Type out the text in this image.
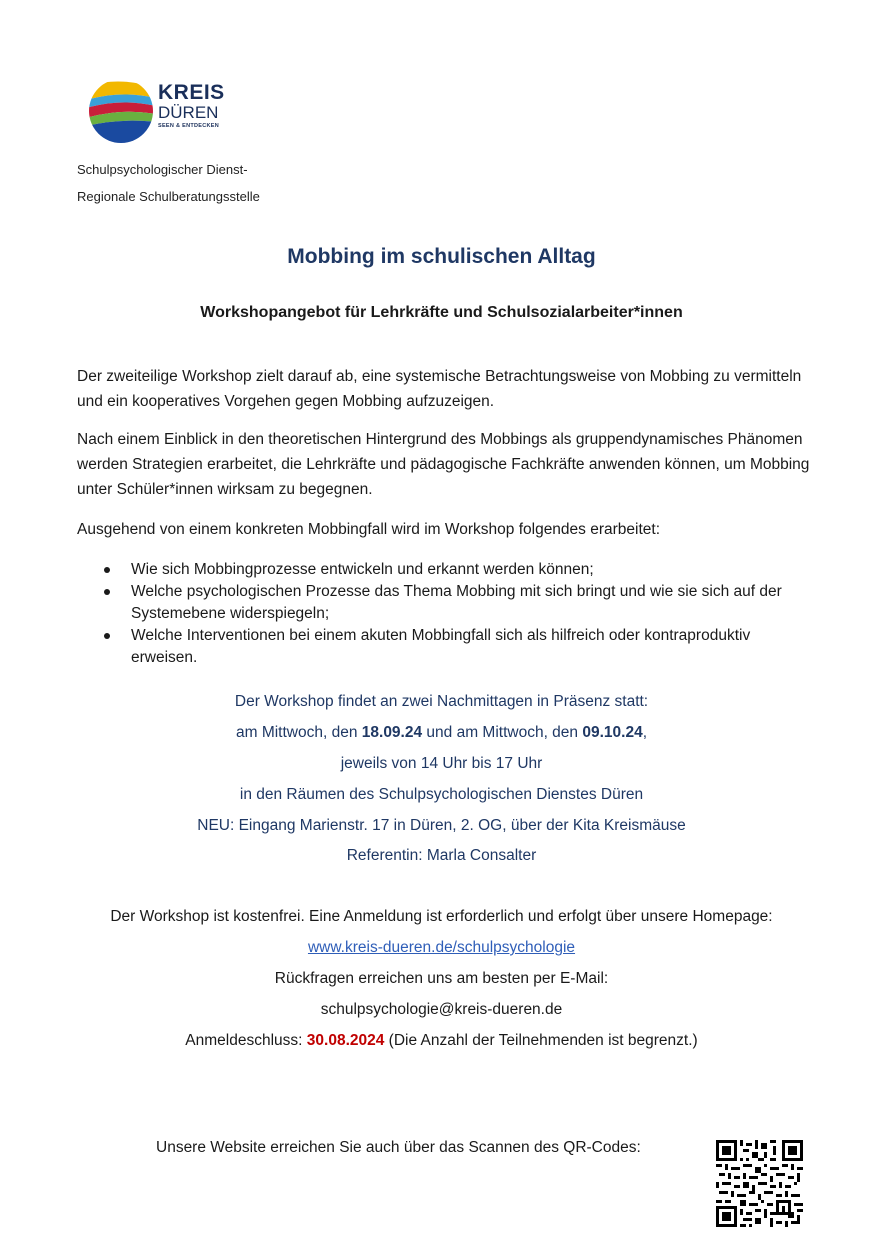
KREIS
DÜREN
SEEN & ENTDECKEN
Schulpsychologischer Dienst-
Regionale Schulberatungsstelle
Mobbing im schulischen Alltag
Workshopangebot für Lehrkräfte und Schulsozialarbeiter*innen
Der zweiteilige Workshop zielt darauf ab, eine systemische Betrachtungsweise von Mobbing zu vermitteln und ein kooperatives Vorgehen gegen Mobbing aufzuzeigen.
Nach einem Einblick in den theoretischen Hintergrund des Mobbings als gruppendynamisches Phänomen werden Strategien erarbeitet, die Lehrkräfte und pädagogische Fachkräfte anwenden können, um Mobbing unter Schüler*innen wirksam zu begegnen.
Ausgehend von einem konkreten Mobbingfall wird im Workshop folgendes erarbeitet:
Wie sich Mobbingprozesse entwickeln und erkannt werden können;
Welche psychologischen Prozesse das Thema Mobbing mit sich bringt und wie sie sich auf der Systemebene widerspiegeln;
Welche Interventionen bei einem akuten Mobbingfall sich als hilfreich oder kontraproduktiv erweisen.
Der Workshop findet an zwei Nachmittagen in Präsenz statt:
am Mittwoch, den 18.09.24 und am Mittwoch, den 09.10.24,
jeweils von 14 Uhr bis 17 Uhr
in den Räumen des Schulpsychologischen Dienstes Düren
NEU: Eingang Marienstr. 17 in Düren, 2. OG, über der Kita Kreismäuse
Referentin: Marla Consalter
Der Workshop ist kostenfrei. Eine Anmeldung ist erforderlich und erfolgt über unsere Homepage:
www.kreis-dueren.de/schulpsychologie
Rückfragen erreichen uns am besten per E-Mail:
schulpsychologie@kreis-dueren.de
Anmeldeschluss: 30.08.2024 (Die Anzahl der Teilnehmenden ist begrenzt.)
Unsere Website erreichen Sie auch über das Scannen des QR-Codes:
